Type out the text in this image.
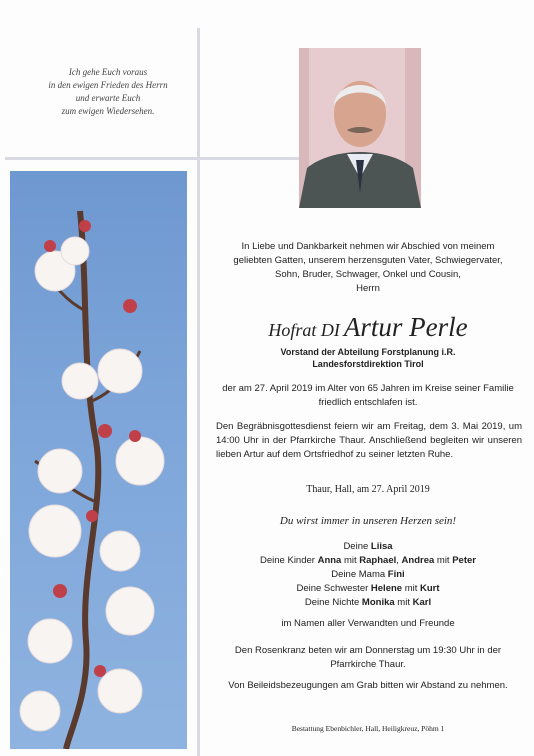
Ich gehe Euch voraus
in den ewigen Frieden des Herrn
und erwarte Euch
zum ewigen Wiedersehen.
In Liebe und Dankbarkeit nehmen wir Abschied von meinem
geliebten Gatten, unserem herzensguten Vater, Schwiegervater,
Sohn, Bruder, Schwager, Onkel und Cousin,
Herrn
Hofrat DI Artur Perle
Vorstand der Abteilung Forstplanung i.R.
Landesforstdirektion Tirol
der am 27. April 2019 im Alter von 65 Jahren im Kreise seiner Familie friedlich entschlafen ist.
Den Begräbnisgottesdienst feiern wir am Freitag, dem 3. Mai 2019, um 14:00 Uhr in der Pfarrkirche Thaur. Anschließend begleiten wir unseren lieben Artur auf dem Ortsfriedhof zu seiner letzten Ruhe.
Thaur, Hall, am 27. April 2019
Du wirst immer in unseren Herzen sein!
Deine Liisa
Deine Kinder Anna mit Raphael, Andrea mit Peter
Deine Mama Fini
Deine Schwester Helene mit Kurt
Deine Nichte Monika mit Karl
im Namen aller Verwandten und Freunde
Den Rosenkranz beten wir am Donnerstag um 19:30 Uhr in der
Pfarrkirche Thaur.
Von Beileidsbezeugungen am Grab bitten wir Abstand zu nehmen.
Bestattung Ebenbichler, Hall, Heiligkreuz, Pöhm 1
